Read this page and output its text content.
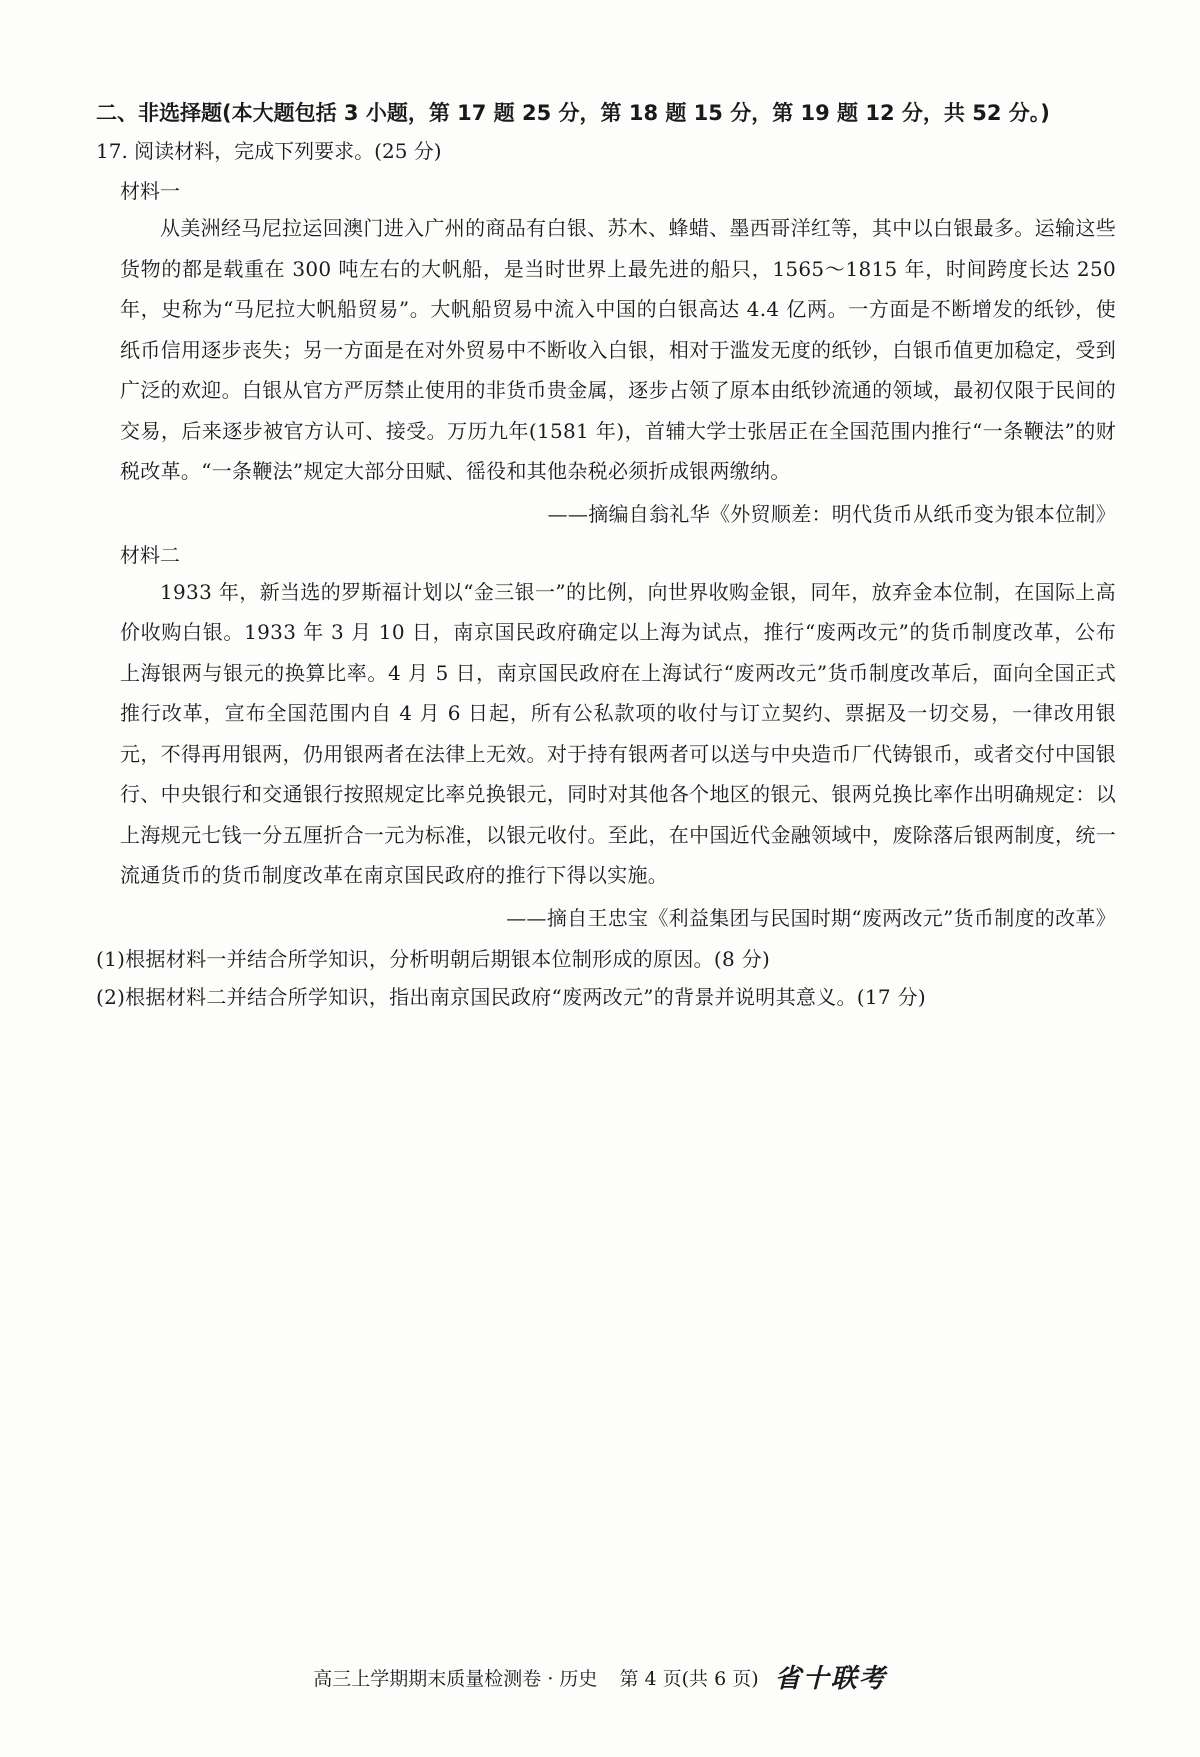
二、非选择题(本大题包括 3 小题，第 17 题 25 分，第 18 题 15 分，第 19 题 12 分，共 52 分。)
17. 阅读材料，完成下列要求。(25 分)
材料一
从美洲经马尼拉运回澳门进入广州的商品有白银、苏木、蜂蜡、墨西哥洋红等，其中以白银最多。运输这些货物的都是载重在 300 吨左右的大帆船，是当时世界上最先进的船只，1565～1815 年，时间跨度长达 250 年，史称为“马尼拉大帆船贸易”。大帆船贸易中流入中国的白银高达 4.4 亿两。一方面是不断增发的纸钞，使纸币信用逐步丧失；另一方面是在对外贸易中不断收入白银，相对于滥发无度的纸钞，白银币值更加稳定，受到广泛的欢迎。白银从官方严厉禁止使用的非货币贵金属，逐步占领了原本由纸钞流通的领域，最初仅限于民间的交易，后来逐步被官方认可、接受。万历九年(1581 年)，首辅大学士张居正在全国范围内推行“一条鞭法”的财税改革。“一条鞭法”规定大部分田赋、徭役和其他杂税必须折成银两缴纳。
——摘编自翁礼华《外贸顺差：明代货币从纸币变为银本位制》
材料二
1933 年，新当选的罗斯福计划以“金三银一”的比例，向世界收购金银，同年，放弃金本位制，在国际上高价收购白银。1933 年 3 月 10 日，南京国民政府确定以上海为试点，推行“废两改元”的货币制度改革，公布上海银两与银元的换算比率。4 月 5 日，南京国民政府在上海试行“废两改元”货币制度改革后，面向全国正式推行改革，宣布全国范围内自 4 月 6 日起，所有公私款项的收付与订立契约、票据及一切交易，一律改用银元，不得再用银两，仍用银两者在法律上无效。对于持有银两者可以送与中央造币厂代铸银币，或者交付中国银行、中央银行和交通银行按照规定比率兑换银元，同时对其他各个地区的银元、银两兑换比率作出明确规定：以上海规元七钱一分五厘折合一元为标准，以银元收付。至此，在中国近代金融领域中，废除落后银两制度，统一流通货币的货币制度改革在南京国民政府的推行下得以实施。
——摘自王忠宝《利益集团与民国时期“废两改元”货币制度的改革》
(1)根据材料一并结合所学知识，分析明朝后期银本位制形成的原因。(8 分)
(2)根据材料二并结合所学知识，指出南京国民政府“废两改元”的背景并说明其意义。(17 分)
高三上学期期末质量检测卷 · 历史 第 4 页(共 6 页) 省十联考
